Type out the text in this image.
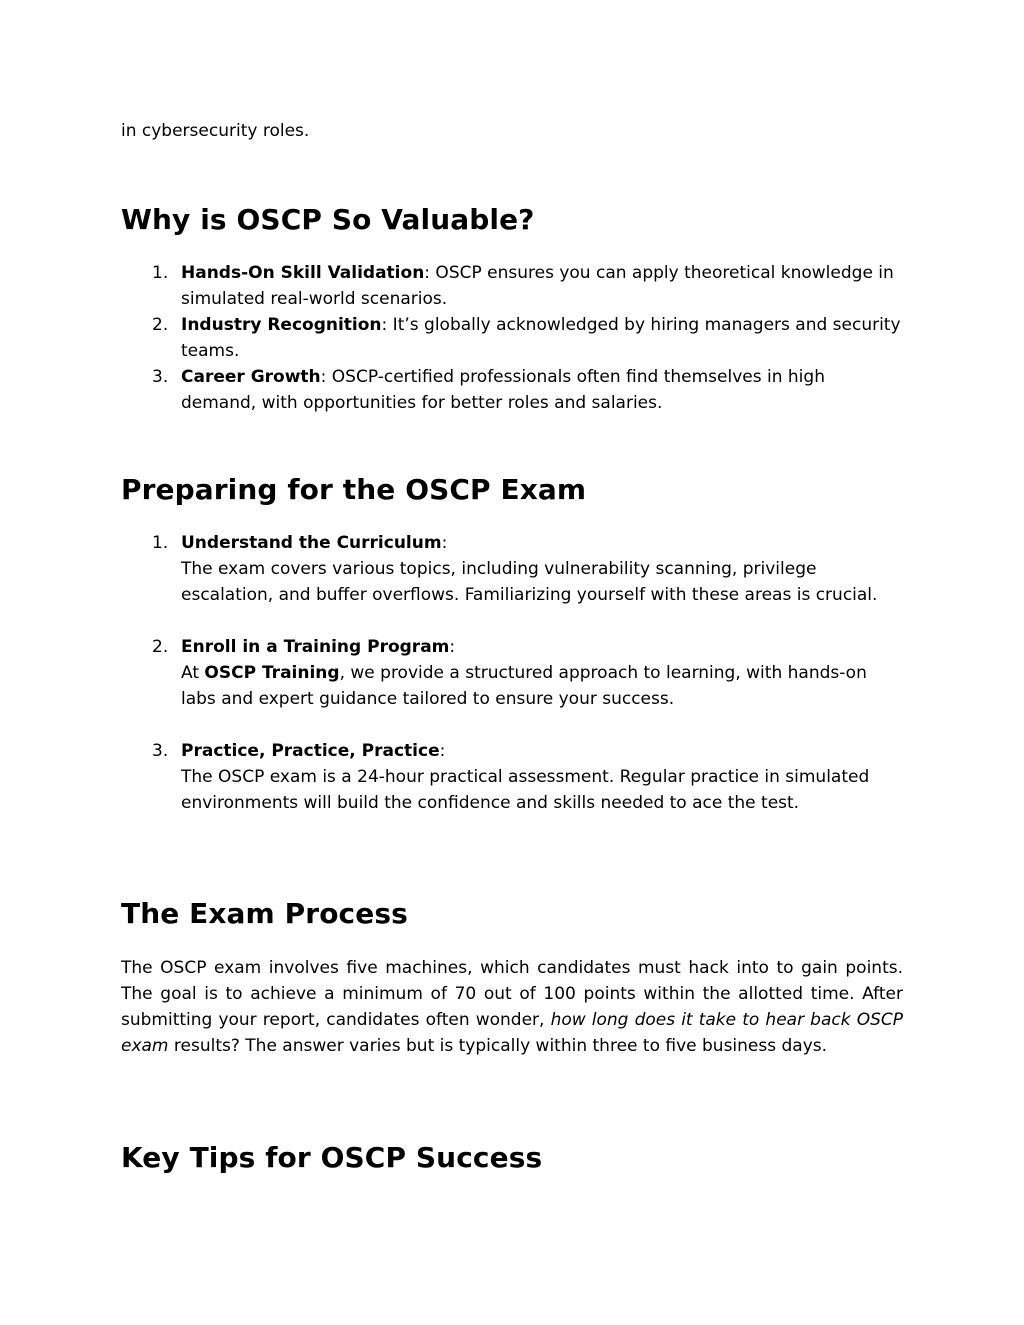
in cybersecurity roles.

Why is OSCP So Valuable?
1. Hands-On Skill Validation: OSCP ensures you can apply theoretical knowledge in simulated real-world scenarios.
2. Industry Recognition: It’s globally acknowledged by hiring managers and security teams.
3. Career Growth: OSCP-certified professionals often find themselves in high demand, with opportunities for better roles and salaries.
Preparing for the OSCP Exam
1. Understand the Curriculum:
The exam covers various topics, including vulnerability scanning, privilege escalation, and buffer overflows. Familiarizing yourself with these areas is crucial.
2. Enroll in a Training Program:
At OSCP Training, we provide a structured approach to learning, with hands-on labs and expert guidance tailored to ensure your success.
3. Practice, Practice, Practice:
The OSCP exam is a 24-hour practical assessment. Regular practice in simulated environments will build the confidence and skills needed to ace the test.
The Exam Process

The OSCP exam involves five machines, which candidates must hack into to gain points. The goal is to achieve a minimum of 70 out of 100 points within the allotted time. After submitting your report, candidates often wonder, how long does it take to hear back OSCP exam results? The answer varies but is typically within three to five business days.

Key Tips for OSCP Success
